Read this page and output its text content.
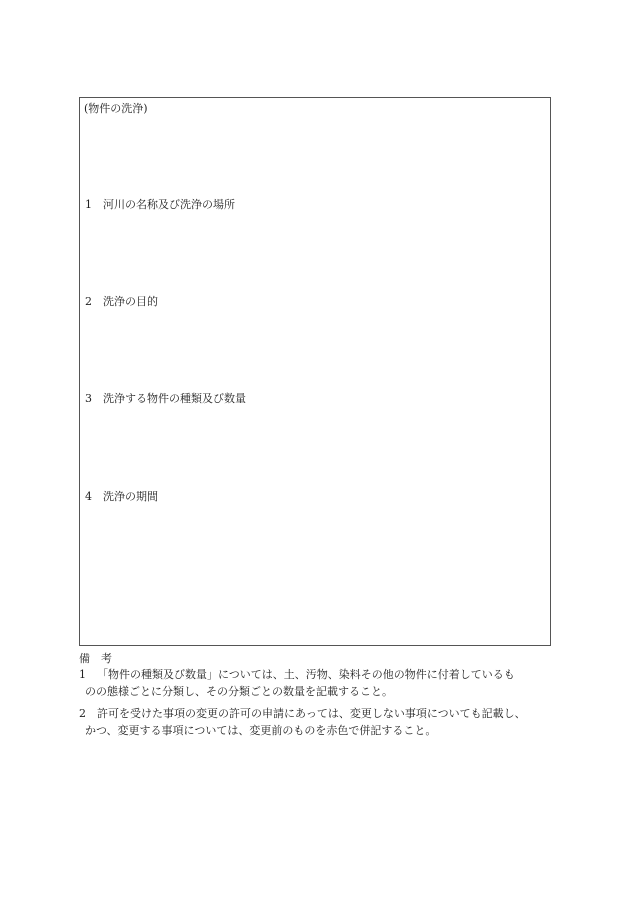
(物件の洗浄)
1 河川の名称及び洗浄の場所
2 洗浄の目的
3 洗浄する物件の種類及び数量
4 洗浄の期間
備　考
1 「物件の種類及び数量」については、土、汚物、染料その他の物件に付着しているも
のの態様ごとに分類し、その分類ごとの数量を記載すること。
2 許可を受けた事項の変更の許可の申請にあっては、変更しない事項についても記載し、
かつ、変更する事項については、変更前のものを赤色で併記すること。
